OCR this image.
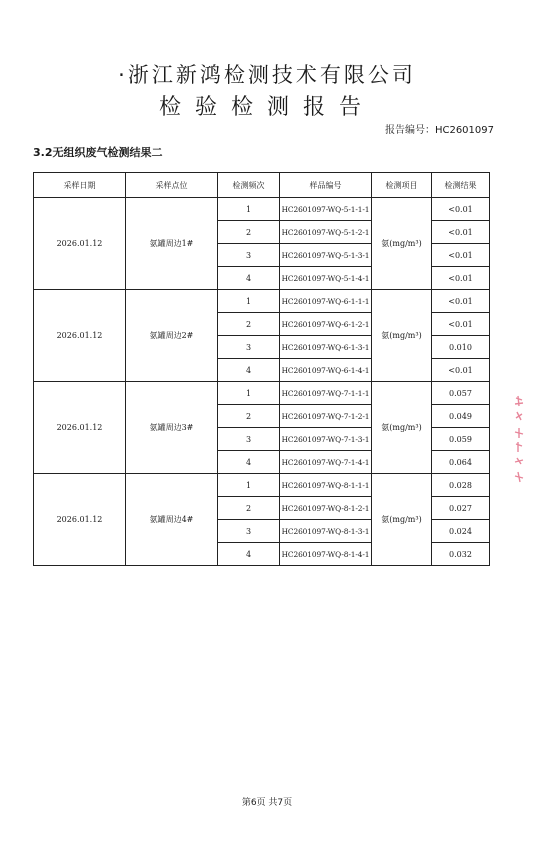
·浙江新鸿检测技术有限公司
检验检测报告
报告编号：HC2601097
3.2无组织废气检测结果二
采样日期	采样点位	检测频次	样品编号	检测项目	检测结果
2026.01.12	氨罐周边1#	1	HC2601097-WQ-5-1-1-1	氨(mg/m³)	<0.01
		2	HC2601097-WQ-5-1-2-1		<0.01
		3	HC2601097-WQ-5-1-3-1		<0.01
		4	HC2601097-WQ-5-1-4-1		<0.01
2026.01.12	氨罐周边2#	1	HC2601097-WQ-6-1-1-1	氨(mg/m³)	<0.01
		2	HC2601097-WQ-6-1-2-1		<0.01
		3	HC2601097-WQ-6-1-3-1		0.010
		4	HC2601097-WQ-6-1-4-1		<0.01
2026.01.12	氨罐周边3#	1	HC2601097-WQ-7-1-1-1	氨(mg/m³)	0.057
		2	HC2601097-WQ-7-1-2-1		0.049
		3	HC2601097-WQ-7-1-3-1		0.059
		4	HC2601097-WQ-7-1-4-1		0.064
2026.01.12	氨罐周边4#	1	HC2601097-WQ-8-1-1-1	氨(mg/m³)	0.028
		2	HC2601097-WQ-8-1-2-1		0.027
		3	HC2601097-WQ-8-1-3-1		0.024
		4	HC2601097-WQ-8-1-4-1		0.032
第6页 共7页
